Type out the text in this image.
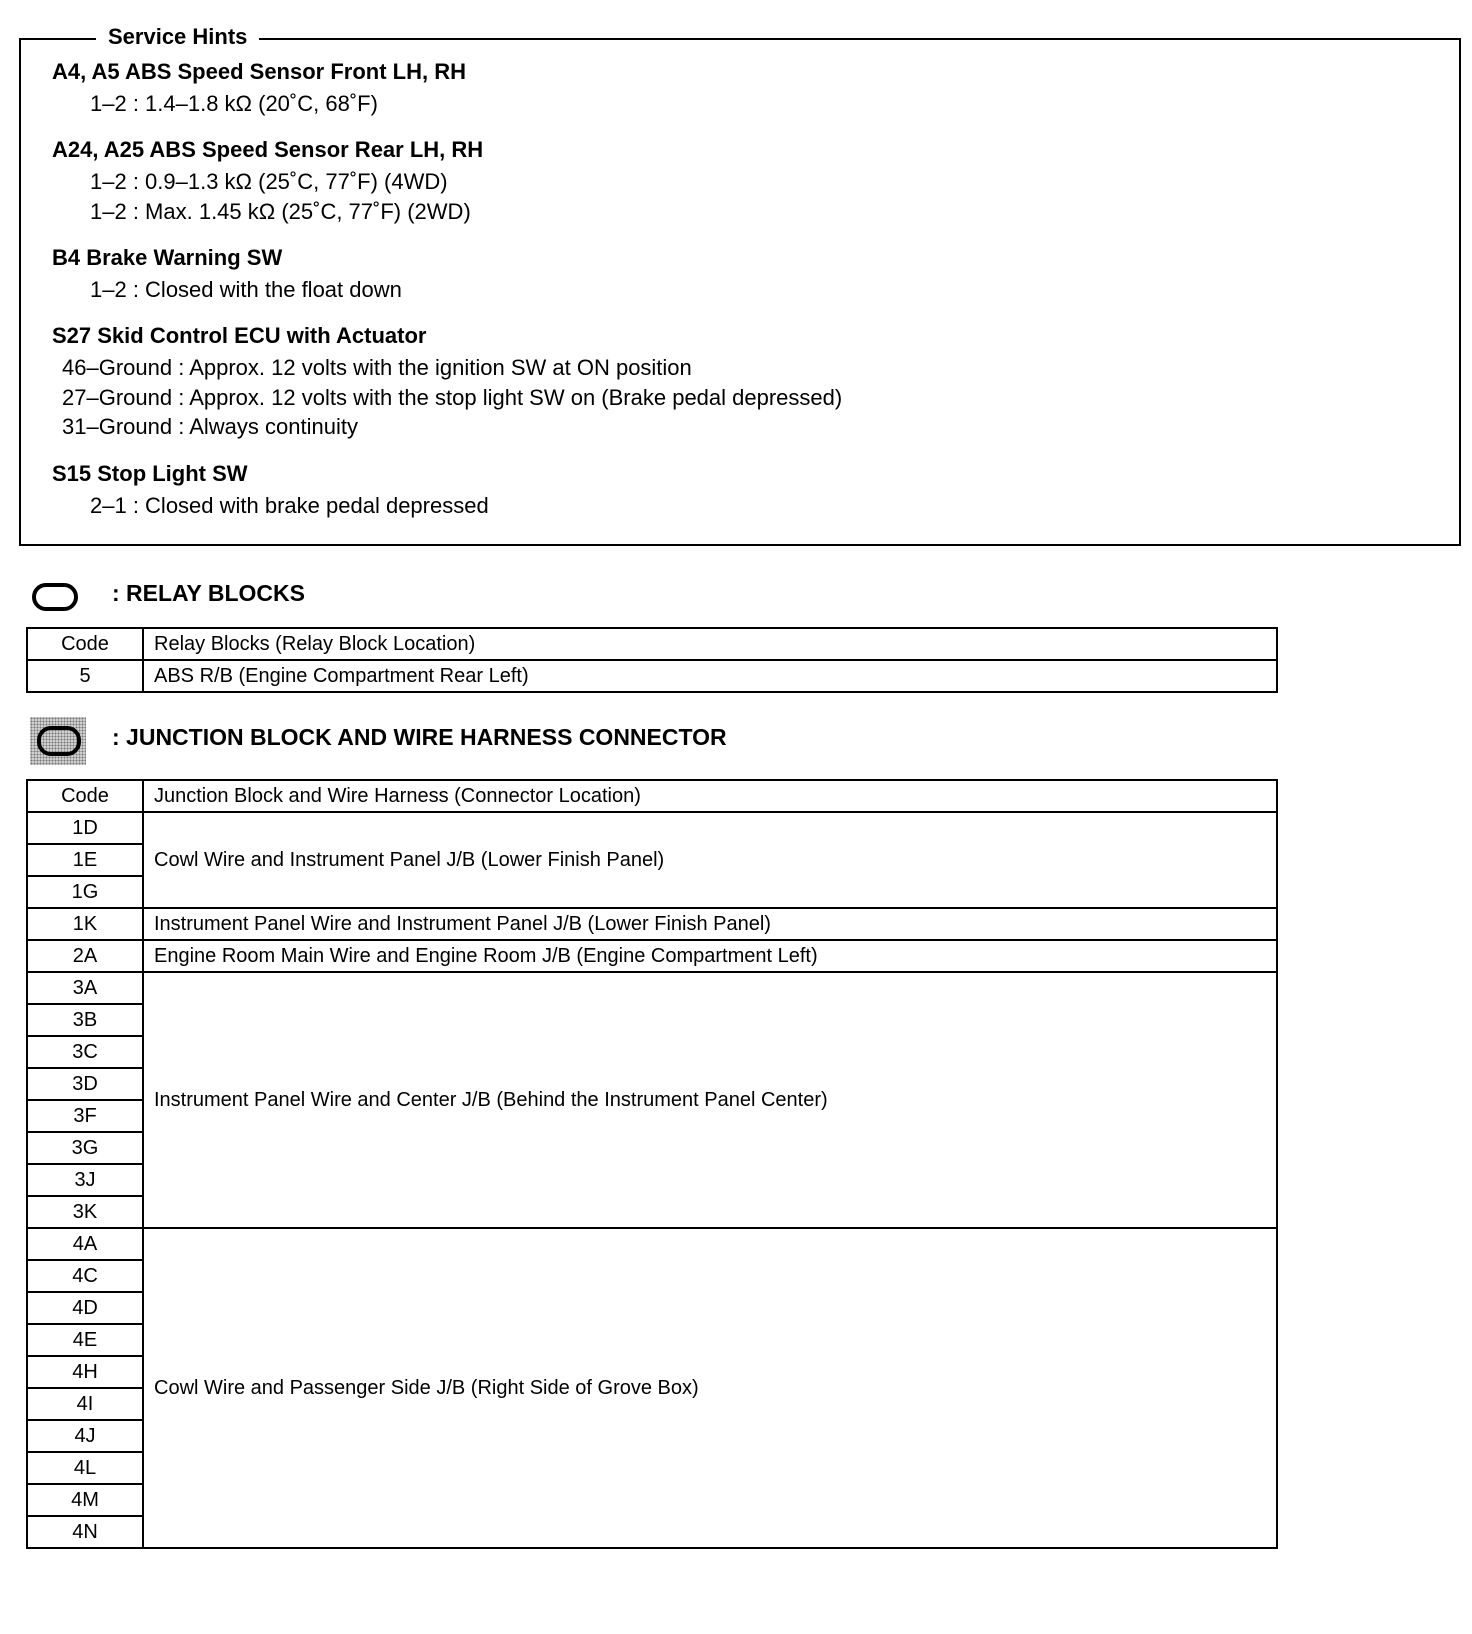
Service Hints
A4, A5 ABS Speed Sensor Front LH, RH
1–2 : 1.4–1.8 kΩ (20˚C, 68˚F)
A24, A25 ABS Speed Sensor Rear LH, RH
1–2 : 0.9–1.3 kΩ (25˚C, 77˚F) (4WD)
1–2 : Max. 1.45 kΩ (25˚C, 77˚F) (2WD)
B4 Brake Warning SW
1–2 : Closed with the float down
S27 Skid Control ECU with Actuator
46–Ground : Approx. 12 volts with the ignition SW at ON position
27–Ground : Approx. 12 volts with the stop light SW on (Brake pedal depressed)
31–Ground : Always continuity
S15 Stop Light SW
2–1 : Closed with brake pedal depressed
: RELAY BLOCKS
Code	Relay Blocks (Relay Block Location)
5	ABS R/B (Engine Compartment Rear Left)
: JUNCTION BLOCK AND WIRE HARNESS CONNECTOR
Code	Junction Block and Wire Harness (Connector Location)
1D	Cowl Wire and Instrument Panel J/B (Lower Finish Panel)
1E	
1G	
1K	Instrument Panel Wire and Instrument Panel J/B (Lower Finish Panel)
2A	Engine Room Main Wire and Engine Room J/B (Engine Compartment Left)
3A	Instrument Panel Wire and Center J/B (Behind the Instrument Panel Center)
3B	
3C	
3D	
3F	
3G	
3J	
3K	
4A	Cowl Wire and Passenger Side J/B (Right Side of Grove Box)
4C	
4D	
4E	
4H	
4I	
4J	
4L	
4M	
4N	
